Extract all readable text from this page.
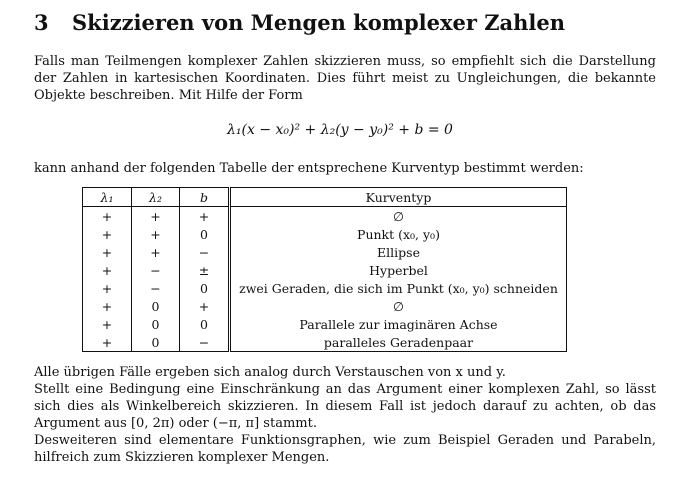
3 Skizzieren von Mengen komplexer Zahlen
Falls man Teilmengen komplexer Zahlen skizzieren muss, so empfiehlt sich die Darstellung der Zahlen in kartesischen Koordinaten. Dies führt meist zu Ungleichungen, die bekannte Objekte beschreiben. Mit Hilfe der Form
λ₁(x − x₀)² + λ₂(y − y₀)² + b = 0
kann anhand der folgenden Tabelle der entsprechene Kurventyp bestimmt werden:
λ₁	λ₂	b	Kurventyp
+	+	+	∅
+	+	0	Punkt (x₀, y₀)
+	+	−	Ellipse
+	−	±	Hyperbel
+	−	0	zwei Geraden, die sich im Punkt (x₀, y₀) schneiden
+	0	+	∅
+	0	0	Parallele zur imaginären Achse
+	0	−	paralleles Geradenpaar
Alle übrigen Fälle ergeben sich analog durch Verstauschen von x und y.
Stellt eine Bedingung eine Einschränkung an das Argument einer komplexen Zahl, so lässt sich dies als Winkelbereich skizzieren. In diesem Fall ist jedoch darauf zu achten, ob das Argument aus [0, 2π) oder (−π, π] stammt.
Desweiteren sind elementare Funktionsgraphen, wie zum Beispiel Geraden und Parabeln, hilfreich zum Skizzieren komplexer Mengen.
